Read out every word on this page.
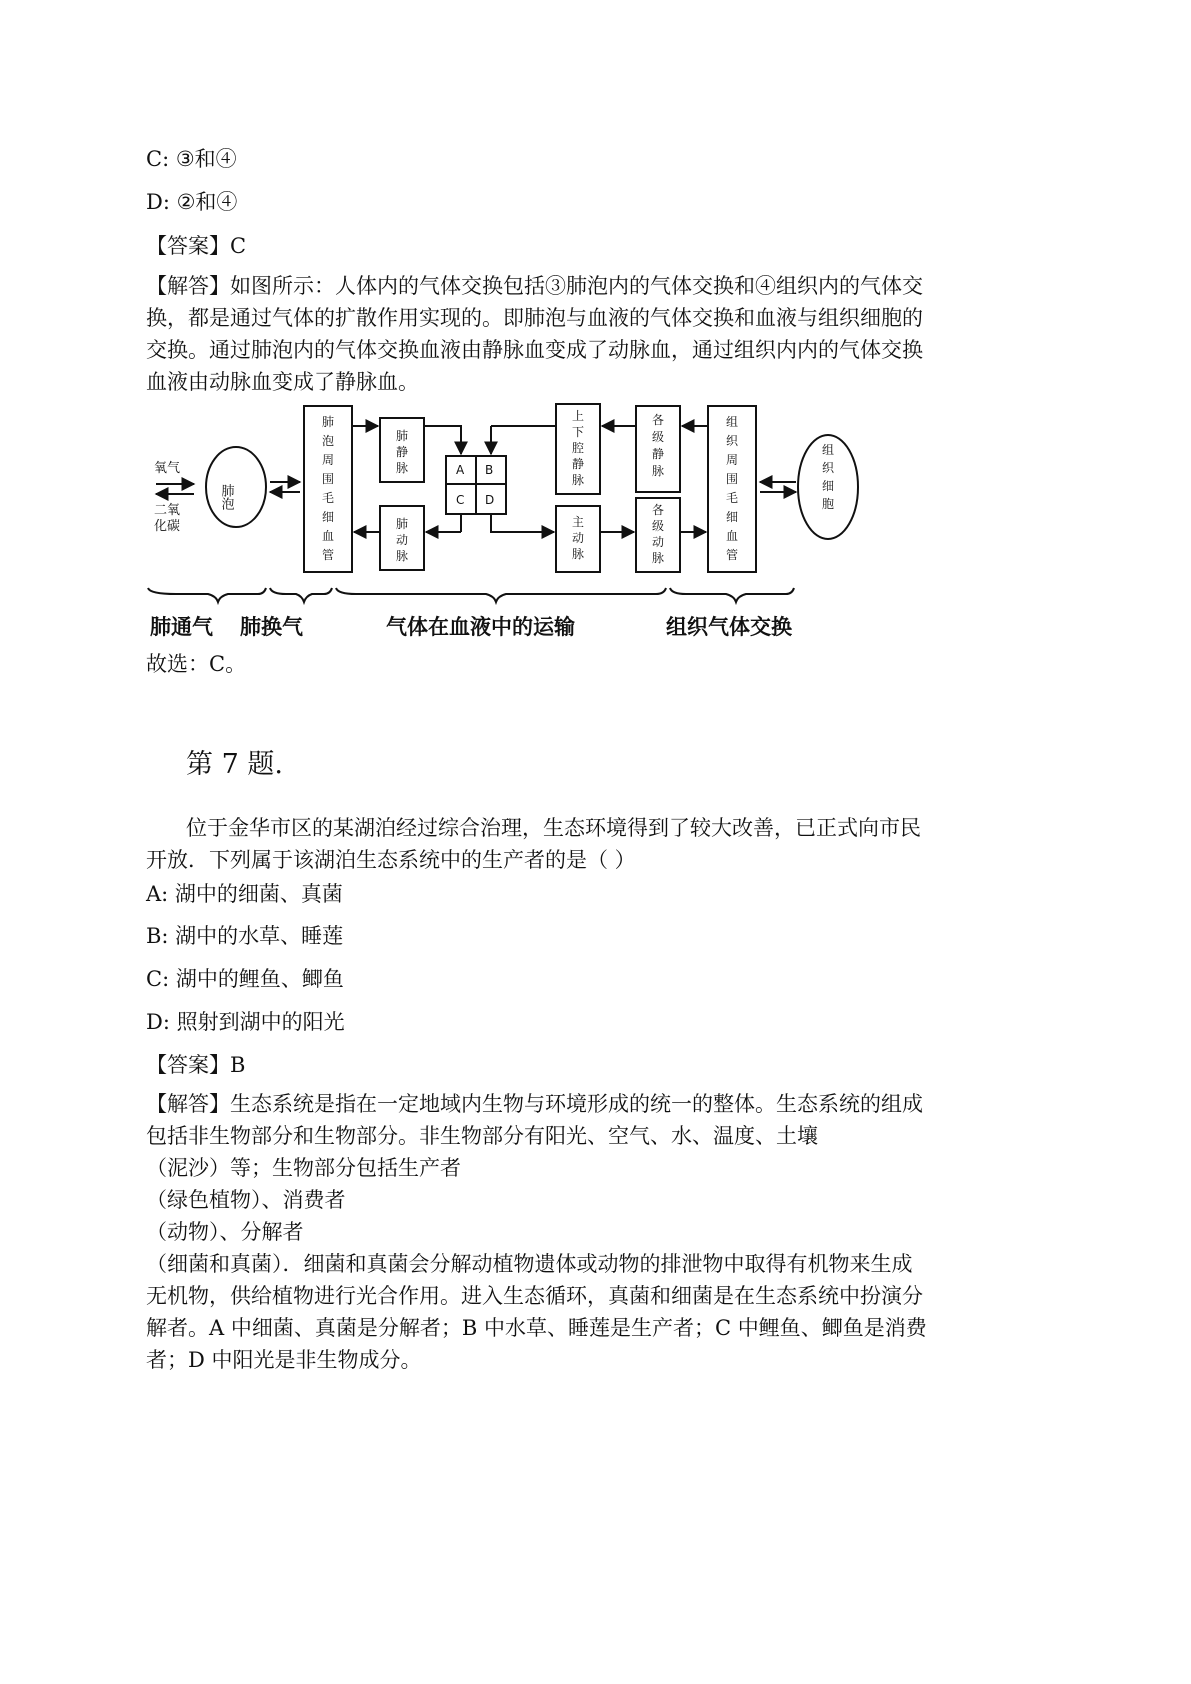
C: ③和④
D: ②和④
【答案】C
【解答】如图所示：人体内的气体交换包括③肺泡内的气体交换和④组织内的气体交
换，都是通过气体的扩散作用实现的。即肺泡与血液的气体交换和血液与组织细胞的
交换。通过肺泡内的气体交换血液由静脉血变成了动脉血，通过组织内内的气体交换
血液由动脉血变成了静脉血。
氧气
二氧
化碳
肺泡
肺
泡
周
围
毛
细
血
管
肺
静
脉
肺
动
脉
上
下
腔
静
脉
主
动
脉
各
级
静
脉
各
级
动
脉
组
织
周
围
毛
细
血
管
组
织
细
胞
A B
C D
肺通气 肺换气	气体在血液中的运输	组织气体交换
故选：C。
第 7 题.
位于金华市区的某湖泊经过综合治理，生态环境得到了较大改善，已正式向市民
开放．下列属于该湖泊生态系统中的生产者的是（ ）
A: 湖中的细菌、真菌
B: 湖中的水草、睡莲
C: 湖中的鲤鱼、鲫鱼
D: 照射到湖中的阳光
【答案】B
【解答】生态系统是指在一定地域内生物与环境形成的统一的整体。生态系统的组成
包括非生物部分和生物部分。非生物部分有阳光、空气、水、温度、土壤
（泥沙）等；生物部分包括生产者
（绿色植物）、消费者
（动物）、分解者
（细菌和真菌）．细菌和真菌会分解动植物遗体或动物的排泄物中取得有机物来生成
无机物，供给植物进行光合作用。进入生态循环，真菌和细菌是在生态系统中扮演分
解者。A 中细菌、真菌是分解者；B 中水草、睡莲是生产者；C 中鲤鱼、鲫鱼是消费
者；D 中阳光是非生物成分。
